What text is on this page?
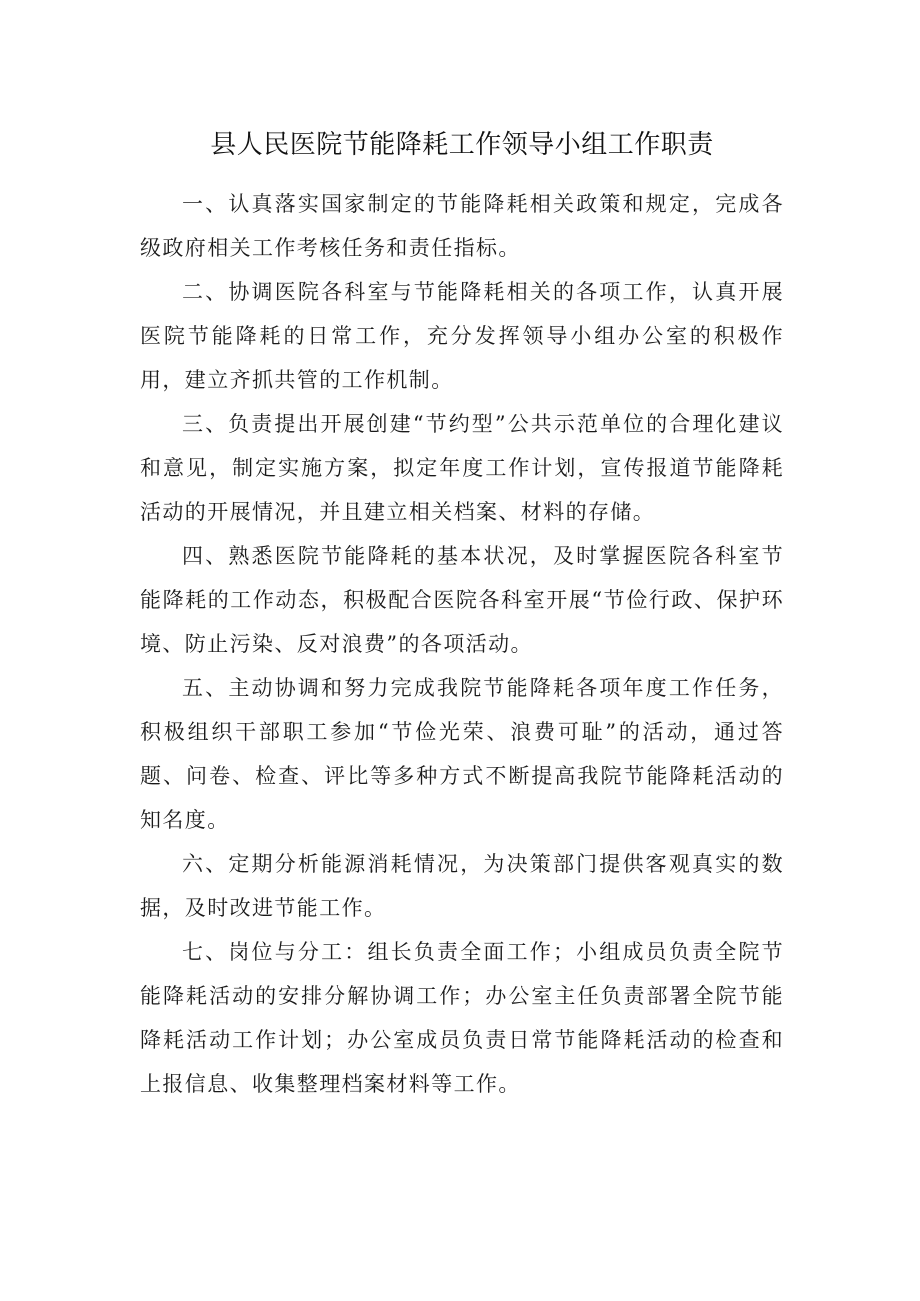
县人民医院节能降耗工作领导小组工作职责

一、认真落实国家制定的节能降耗相关政策和规定，完成各级政府相关工作考核任务和责任指标。

二、协调医院各科室与节能降耗相关的各项工作，认真开展医院节能降耗的日常工作，充分发挥领导小组办公室的积极作用，建立齐抓共管的工作机制。

三、负责提出开展创建“节约型”公共示范单位的合理化建议和意见，制定实施方案，拟定年度工作计划，宣传报道节能降耗活动的开展情况，并且建立相关档案、材料的存储。

四、熟悉医院节能降耗的基本状况，及时掌握医院各科室节能降耗的工作动态，积极配合医院各科室开展“节俭行政、保护环境、防止污染、反对浪费”的各项活动。

五、主动协调和努力完成我院节能降耗各项年度工作任务，积极组织干部职工参加“节俭光荣、浪费可耻”的活动，通过答题、问卷、检查、评比等多种方式不断提高我院节能降耗活动的知名度。

六、定期分析能源消耗情况，为决策部门提供客观真实的数据，及时改进节能工作。

七、岗位与分工：组长负责全面工作；小组成员负责全院节能降耗活动的安排分解协调工作；办公室主任负责部署全院节能降耗活动工作计划；办公室成员负责日常节能降耗活动的检查和上报信息、收集整理档案材料等工作。
